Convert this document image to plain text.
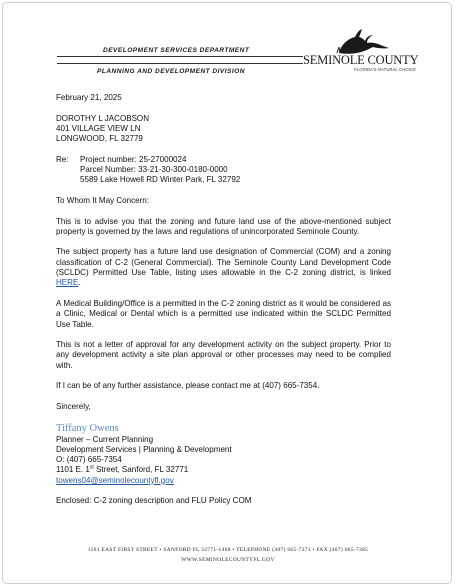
DEVELOPMENT SERVICES DEPARTMENT
PLANNING AND DEVELOPMENT DIVISION
SEMINOLE COUNTY
FLORIDA'S NATURAL CHOICE

February 21, 2025

DOROTHY L JACOBSON

401 VILLAGE VIEW LN

LONGWOOD, FL 32779

Re:	Project number: 25-27000024

Parcel Number: 33-21-30-300-0180-0000

5589 Lake Howell RD Winter Park, FL 32792

To Whom It May Concern:

This is to advise you that the zoning and future land use of the above-mentioned subject property is governed by the laws and regulations of unincorporated Seminole County.

The subject property has a future land use designation of Commercial (COM) and a zoning classification of C-2 (General Commercial). The Seminole County Land Development Code (SCLDC) Permitted Use Table, listing uses allowable in the C-2 zoning district, is linked HERE.

A Medical Building/Office is a permitted in the C-2 zoning district as it would be considered as a Clinic, Medical or Dental which is a permitted use indicated within the SCLDC Permitted Use Table.

This is not a letter of approval for any development activity on the subject property. Prior to any development activity a site plan approval or other processes may need to be complied with.

If I can be of any further assistance, please contact me at (407) 665-7354.

Sincerely,

Tiffany Owens

Planner – Current Planning

Development Services | Planning & Development

O: (407) 665-7354

1101 E. 1st Street, Sanford, FL 32771

towens04@seminolecountyfl.gov

Enclosed: C-2 zoning description and FLU Policy COM

1101 EAST FIRST STREET • SANFORD FL 32771-1468 • TELEPHONE (407) 665-7371 • FAX (407) 665-7385
WWW.SEMINOLECOUNTYFL.GOV
